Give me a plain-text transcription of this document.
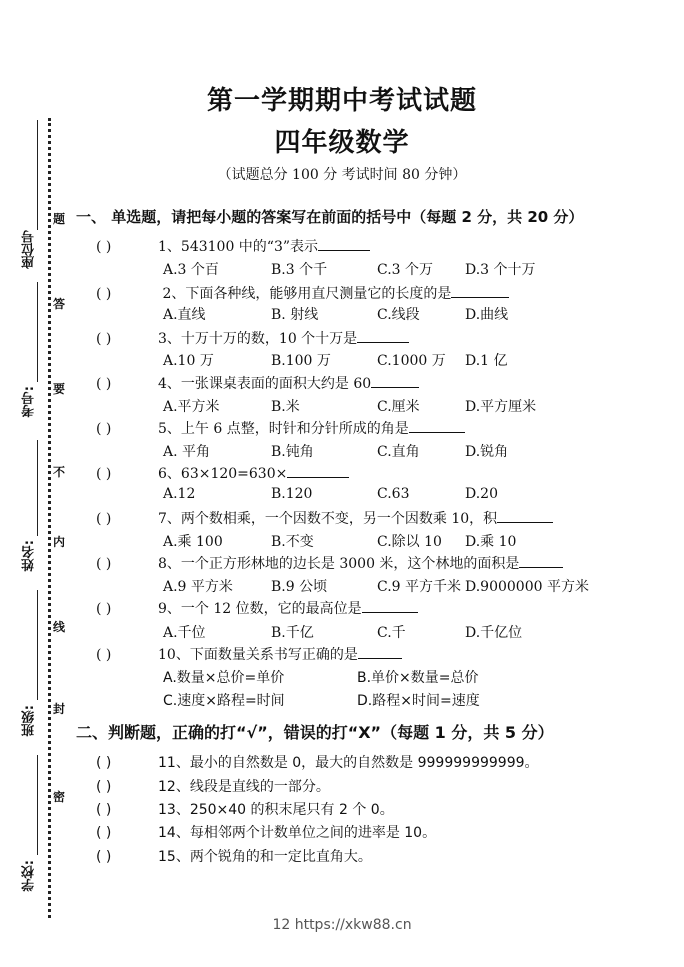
座位号
考号:
姓名:
班级:
学校:
题
答
要
不
内
线
封
密
第一学期期中考试试题
四年级数学
（试题总分 100 分 考试时间 80 分钟）
一、 单选题，请把每小题的答案写在前面的括号中（每题 2 分，共 20 分）
( )	1、543100 中的“3”表示
A.3 个百	B.3 个千	C.3 个万 D.3 个十万
( )	2、下面各种线，能够用直尺测量它的长度的是
A.直线	B. 射线	C.线段	D.曲线
( )	3、十万十万的数，10 个十万是
A.10 万	B.100 万	C.1000 万 D.1 亿
( )	4、一张课桌表面的面积大约是 60
A.平方米	B.米	C.厘米	D.平方厘米
( )	5、上午 6 点整，时针和分针所成的角是
A. 平角	B.钝角	C.直角	D.锐角
( )	6、63×120=630×
A.12	B.120	C.63	D.20
( )	7、两个数相乘，一个因数不变，另一个因数乘 10，积
A.乘 100	B.不变	C.除以 10 D.乘 10
( )	8、一个正方形林地的边长是 3000 米，这个林地的面积是
A.9 平方米	B.9 公顷	C.9 平方千米 D.9000000 平方米
( )	9、一个 12 位数，它的最高位是
A.千位	B.千亿	C.千	D.千亿位
( )	10、下面数量关系书写正确的是
A.数量×总价=单价	B.单价×数量=总价
C.速度×路程=时间	D.路程×时间=速度
二、判断题，正确的打“√”，错误的打“X”（每题 1 分，共 5 分）
( )	11、最小的自然数是 0，最大的自然数是 999999999999。
( )	12、线段是直线的一部分。
( )	13、250×40 的积末尾只有 2 个 0。
( )	14、每相邻两个计数单位之间的进率是 10。
( )	15、两个锐角的和一定比直角大。
12 https://xkw88.cn
